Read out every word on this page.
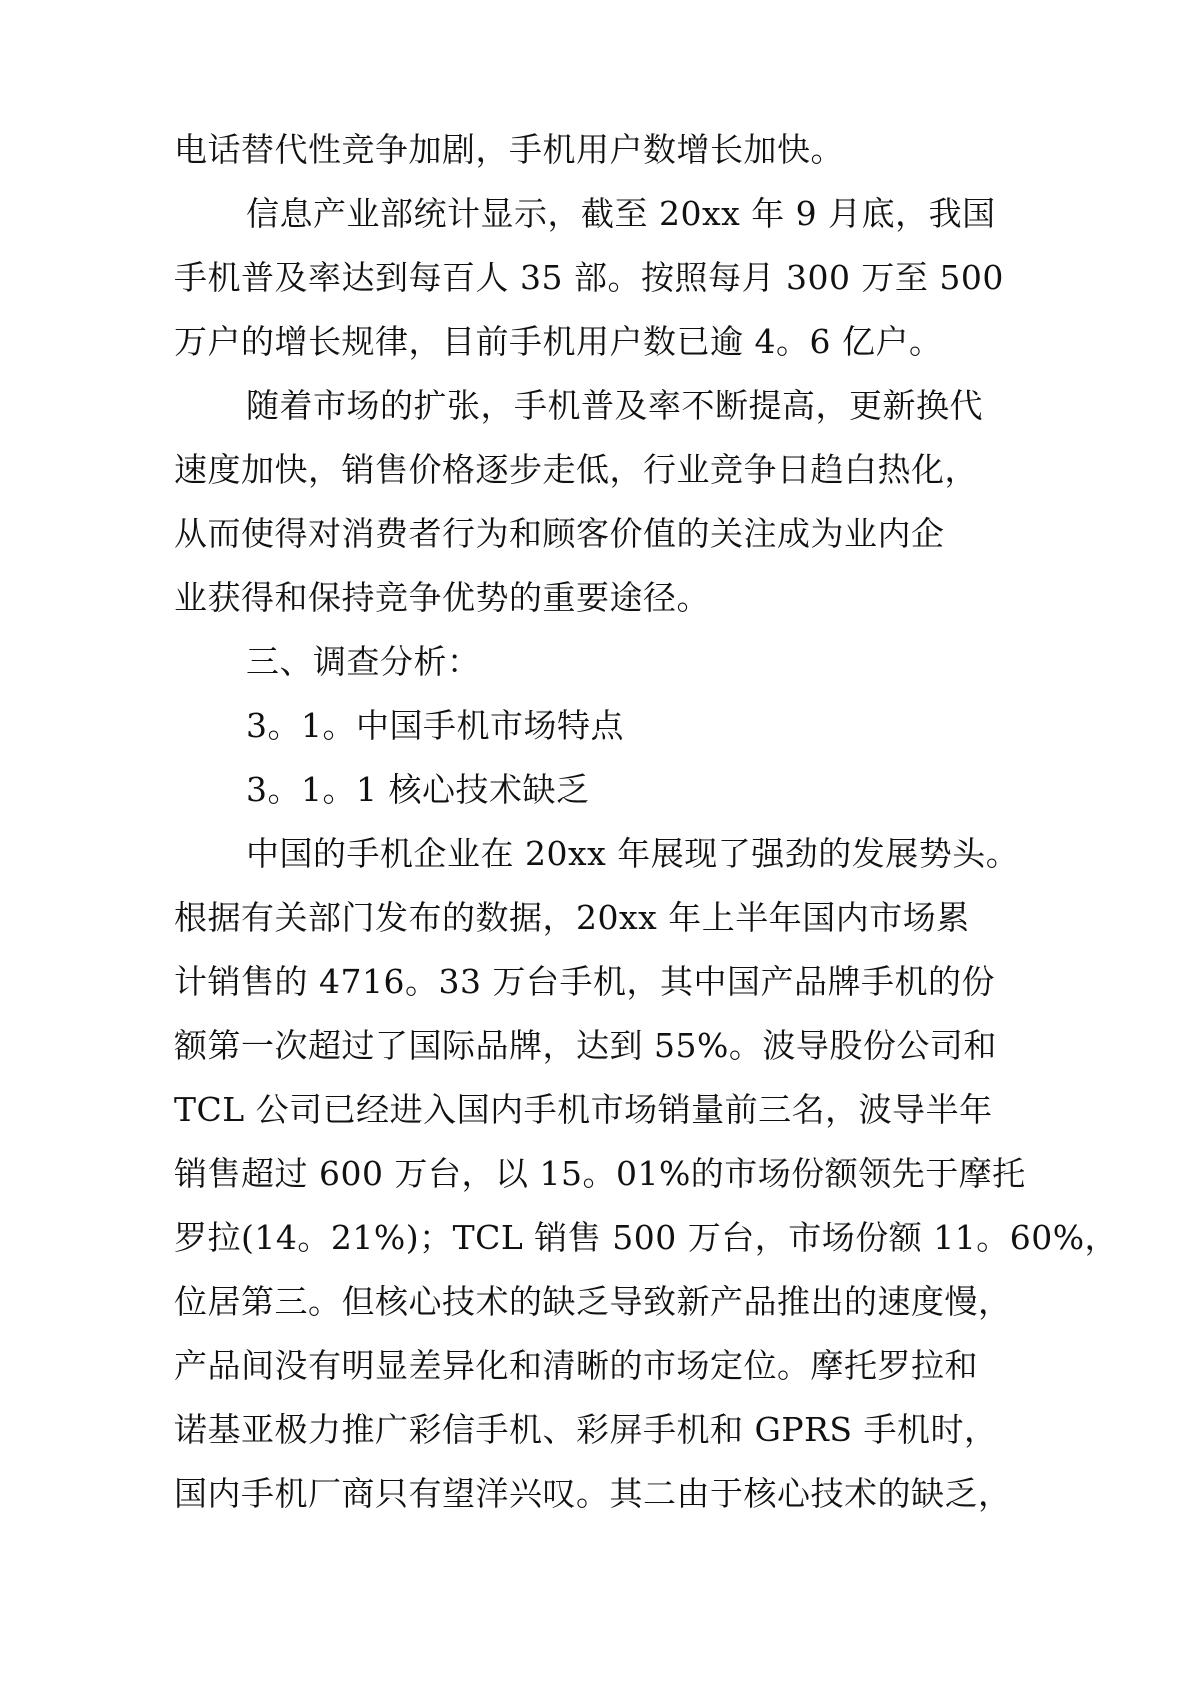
电话替代性竞争加剧，手机用户数增长加快。
信息产业部统计显示，截至 20xx 年 9 月底，我国
手机普及率达到每百人 35 部。按照每月 300 万至 500
万户的增长规律，目前手机用户数已逾 4。6 亿户。
随着市场的扩张，手机普及率不断提高，更新换代
速度加快，销售价格逐步走低，行业竞争日趋白热化，
从而使得对消费者行为和顾客价值的关注成为业内企
业获得和保持竞争优势的重要途径。
三、调查分析：
3。1。中国手机市场特点
3。1。1 核心技术缺乏
中国的手机企业在 20xx 年展现了强劲的发展势头。
根据有关部门发布的数据，20xx 年上半年国内市场累
计销售的 4716。33 万台手机，其中国产品牌手机的份
额第一次超过了国际品牌，达到 55%。波导股份公司和
TCL 公司已经进入国内手机市场销量前三名，波导半年
销售超过 600 万台，以 15。01%的市场份额领先于摩托
罗拉(14。21%)；TCL 销售 500 万台，市场份额 11。60%，
位居第三。但核心技术的缺乏导致新产品推出的速度慢，
产品间没有明显差异化和清晰的市场定位。摩托罗拉和
诺基亚极力推广彩信手机、彩屏手机和 GPRS 手机时，
国内手机厂商只有望洋兴叹。其二由于核心技术的缺乏，
